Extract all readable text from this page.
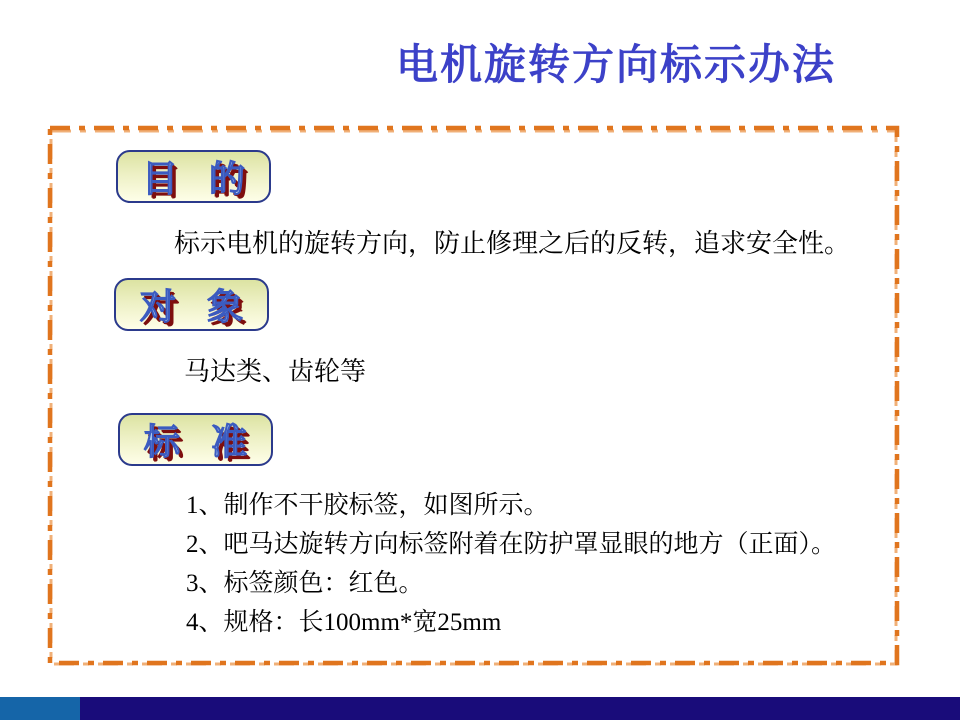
电机旋转方向标示办法
目 的

标示电机的旋转方向，防止修理之后的反转，追求安全性。

对 象

马达类、齿轮等

标 准

1、制作不干胶标签，如图所示。

2、吧马达旋转方向标签附着在防护罩显眼的地方（正面）。

3、标签颜色：红色。

4、规格：长100mm*宽25mm
